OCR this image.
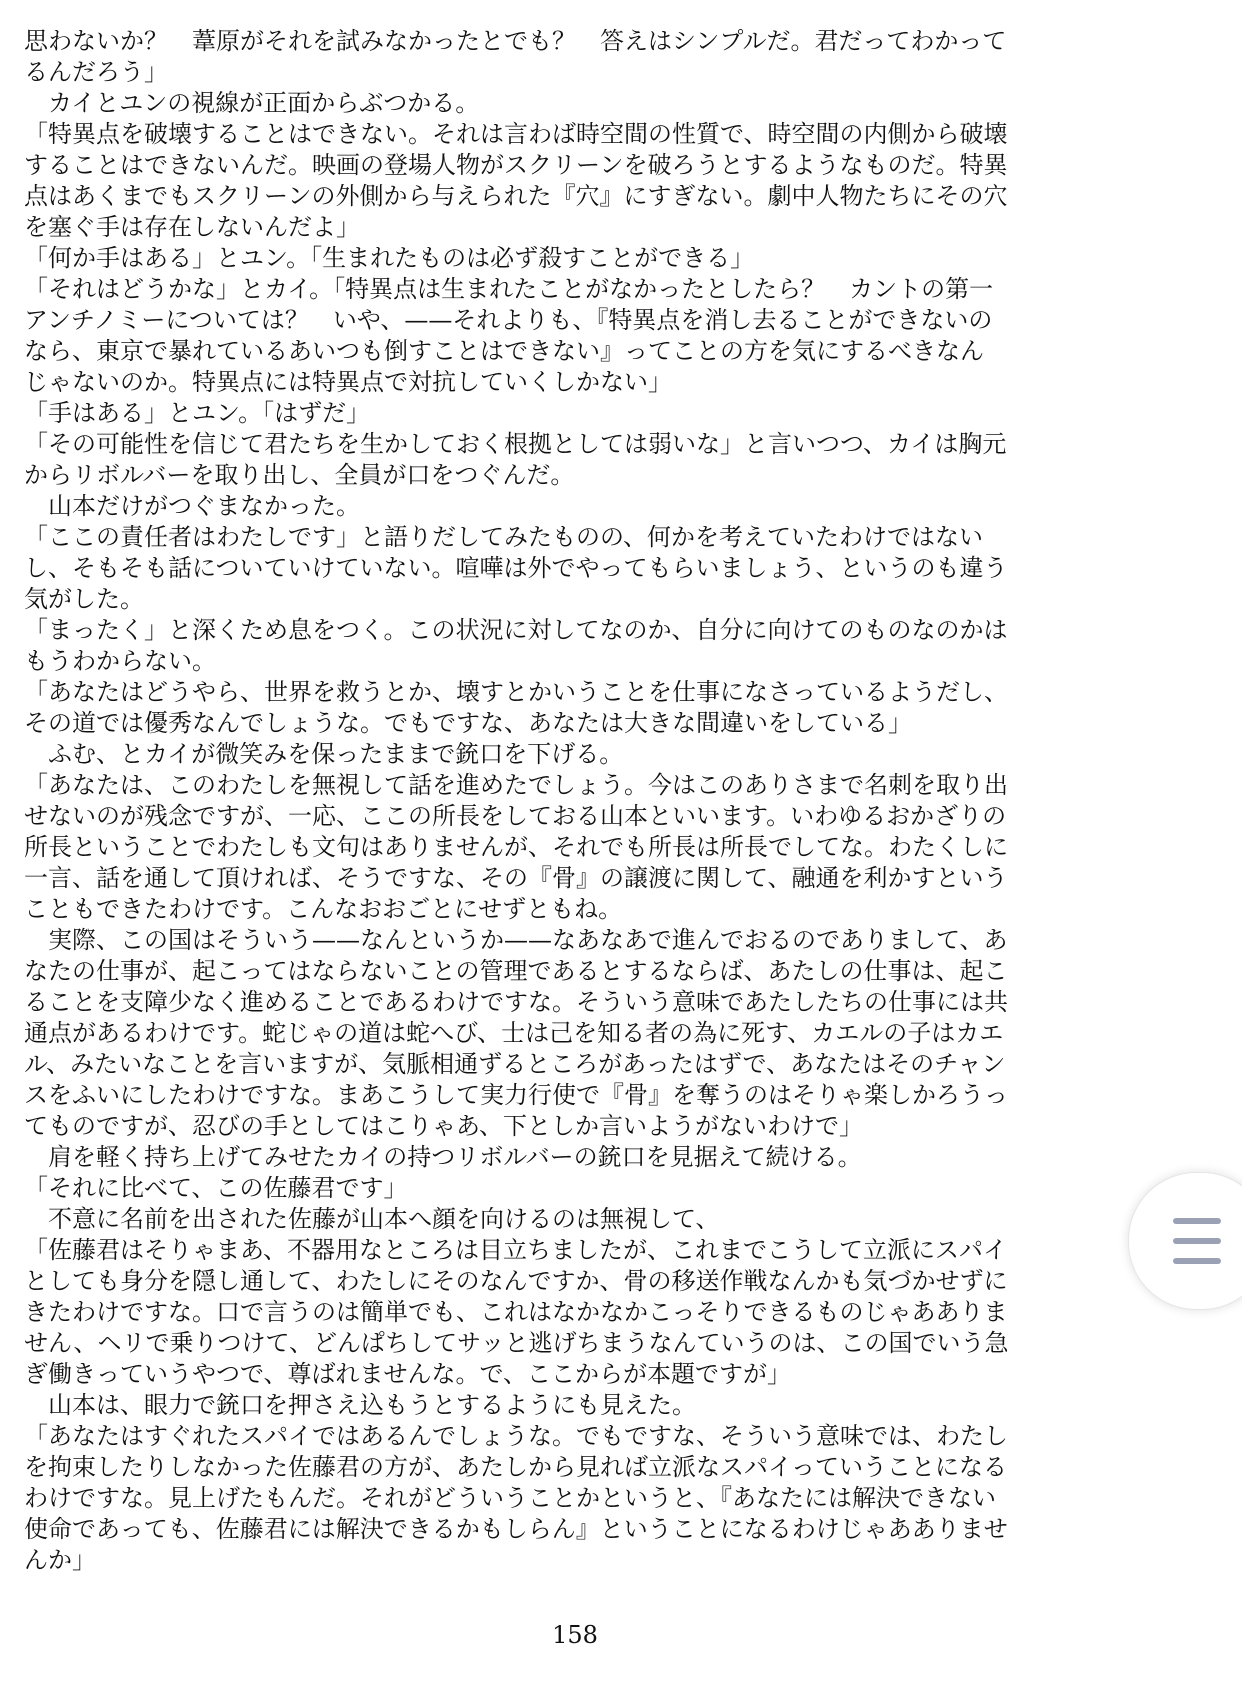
思わないか？　葦原がそれを試みなかったとでも？　答えはシンプルだ。君だってわかって
るんだろう」
　カイとユンの視線が正面からぶつかる。
「特異点を破壊することはできない。それは言わば時空間の性質で、時空間の内側から破壊
することはできないんだ。映画の登場人物がスクリーンを破ろうとするようなものだ。特異
点はあくまでもスクリーンの外側から与えられた『穴』にすぎない。劇中人物たちにその穴
を塞ぐ手は存在しないんだよ」
「何か手はある」とユン。「生まれたものは必ず殺すことができる」
「それはどうかな」とカイ。「特異点は生まれたことがなかったとしたら？　カントの第一
アンチノミーについては？　いや、——それよりも、『特異点を消し去ることができないの
なら、東京で暴れているあいつも倒すことはできない』ってことの方を気にするべきなん
じゃないのか。特異点には特異点で対抗していくしかない」
「手はある」とユン。「はずだ」
「その可能性を信じて君たちを生かしておく根拠としては弱いな」と言いつつ、カイは胸元
からリボルバーを取り出し、全員が口をつぐんだ。
　山本だけがつぐまなかった。
「ここの責任者はわたしです」と語りだしてみたものの、何かを考えていたわけではない
し、そもそも話についていけていない。喧嘩は外でやってもらいましょう、というのも違う
気がした。
「まったく」と深くため息をつく。この状況に対してなのか、自分に向けてのものなのかは
もうわからない。
「あなたはどうやら、世界を救うとか、壊すとかいうことを仕事になさっているようだし、
その道では優秀なんでしょうな。でもですな、あなたは大きな間違いをしている」
　ふむ、とカイが微笑みを保ったままで銃口を下げる。
「あなたは、このわたしを無視して話を進めたでしょう。今はこのありさまで名刺を取り出
せないのが残念ですが、一応、ここの所長をしておる山本といいます。いわゆるおかざりの
所長ということでわたしも文句はありませんが、それでも所長は所長でしてな。わたくしに
一言、話を通して頂ければ、そうですな、その『骨』の譲渡に関して、融通を利かすという
こともできたわけです。こんなおおごとにせずともね。
　実際、この国はそういう——なんというか——なあなあで進んでおるのでありまして、あ
なたの仕事が、起こってはならないことの管理であるとするならば、あたしの仕事は、起こ
ることを支障少なく進めることであるわけですな。そういう意味であたしたちの仕事には共
通点があるわけです。蛇じゃの道は蛇へび、士は己を知る者の為に死す、カエルの子はカエ
ル、みたいなことを言いますが、気脈相通ずるところがあったはずで、あなたはそのチャン
スをふいにしたわけですな。まあこうして実力行使で『骨』を奪うのはそりゃ楽しかろうっ
てものですが、忍びの手としてはこりゃあ、下としか言いようがないわけで」
　肩を軽く持ち上げてみせたカイの持つリボルバーの銃口を見据えて続ける。
「それに比べて、この佐藤君です」
　不意に名前を出された佐藤が山本へ顔を向けるのは無視して、
「佐藤君はそりゃまあ、不器用なところは目立ちましたが、これまでこうして立派にスパイ
としても身分を隠し通して、わたしにそのなんですか、骨の移送作戦なんかも気づかせずに
きたわけですな。口で言うのは簡単でも、これはなかなかこっそりできるものじゃあありま
せん、ヘリで乗りつけて、どんぱちしてサッと逃げちまうなんていうのは、この国でいう急
ぎ働きっていうやつで、尊ばれませんな。で、ここからが本題ですが」
　山本は、眼力で銃口を押さえ込もうとするようにも見えた。
「あなたはすぐれたスパイではあるんでしょうな。でもですな、そういう意味では、わたし
を拘束したりしなかった佐藤君の方が、あたしから見れば立派なスパイっていうことになる
わけですな。見上げたもんだ。それがどういうことかというと、『あなたには解決できない
使命であっても、佐藤君には解決できるかもしらん』ということになるわけじゃあありませ
んか」
158
